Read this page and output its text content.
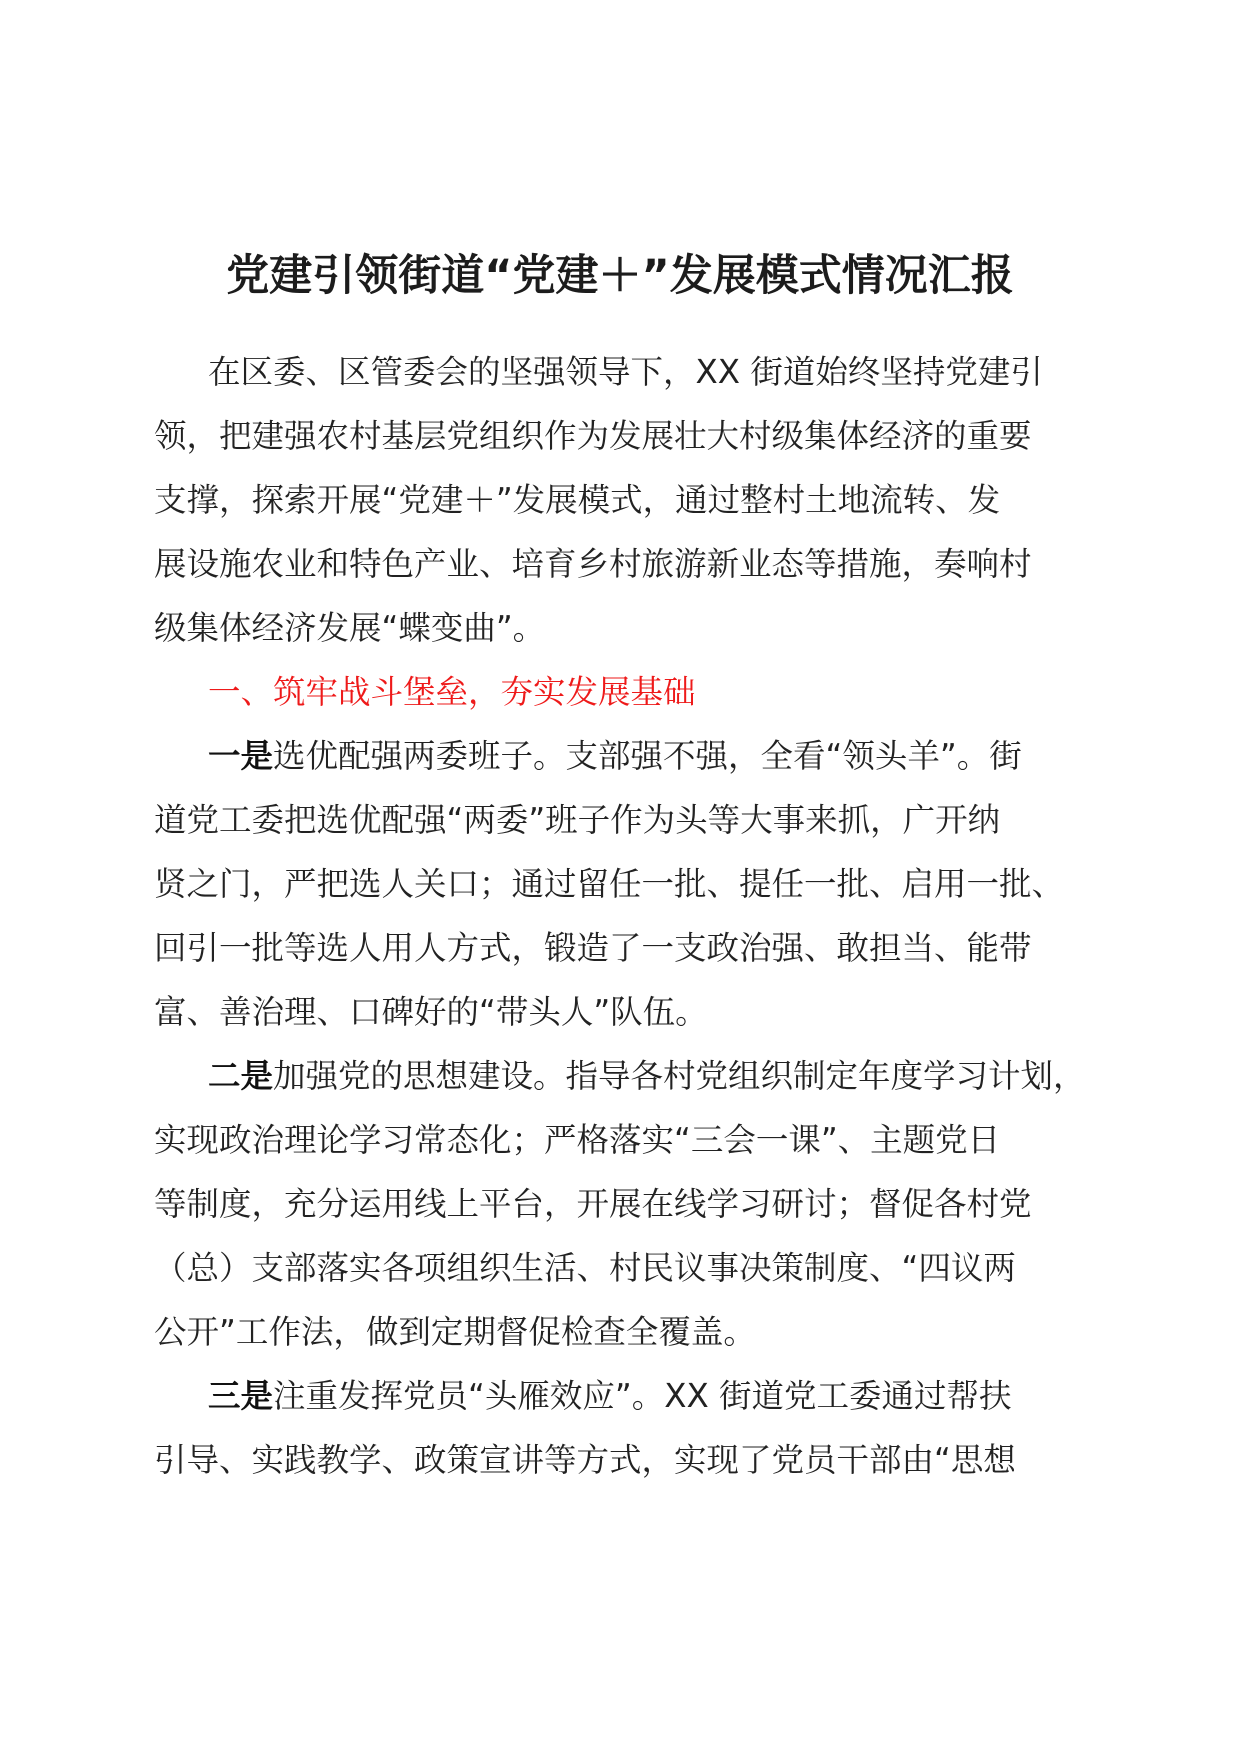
党建引领街道“党建＋”发展模式情况汇报
在区委、区管委会的坚强领导下，XX 街道始终坚持党建引
领，把建强农村基层党组织作为发展壮大村级集体经济的重要
支撑，探索开展“党建＋”发展模式，通过整村土地流转、发
展设施农业和特色产业、培育乡村旅游新业态等措施，奏响村
级集体经济发展“蝶变曲”。
一、筑牢战斗堡垒，夯实发展基础
一是选优配强两委班子。支部强不强，全看“领头羊”。街
道党工委把选优配强“两委”班子作为头等大事来抓，广开纳
贤之门，严把选人关口；通过留任一批、提任一批、启用一批、
回引一批等选人用人方式，锻造了一支政治强、敢担当、能带
富、善治理、口碑好的“带头人”队伍。
二是加强党的思想建设。指导各村党组织制定年度学习计划，
实现政治理论学习常态化；严格落实“三会一课”、主题党日
等制度，充分运用线上平台，开展在线学习研讨；督促各村党
（总）支部落实各项组织生活、村民议事决策制度、“四议两
公开”工作法，做到定期督促检查全覆盖。
三是注重发挥党员“头雁效应”。XX 街道党工委通过帮扶
引导、实践教学、政策宣讲等方式，实现了党员干部由“思想
